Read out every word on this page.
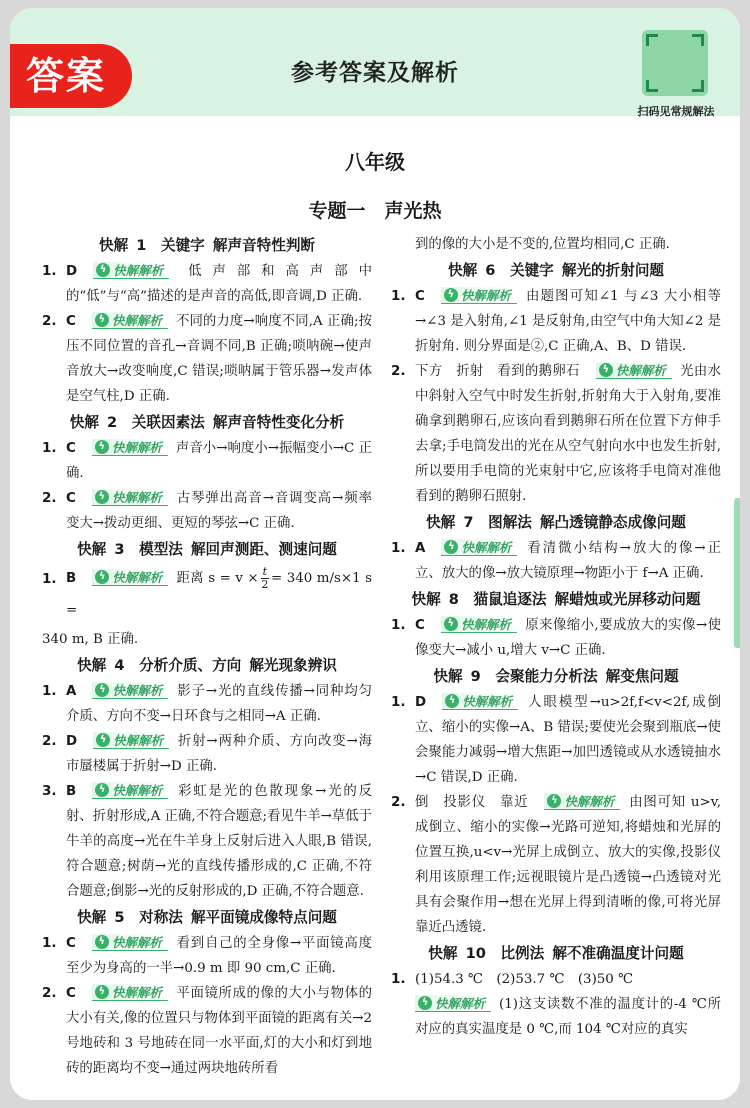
答案	参考答案及解析
扫码见常规解法
八年级
专题一　声光热
快解 1　关键字 解声音特性判断
1. D	ϟ 快解解析 低声部和高声部中的“低”与“高”描述的是声音的高低,即音调,D 正确.
2. C	ϟ 快解解析 不同的力度→响度不同,A 正确;按压不同位置的音孔→音调不同,B 正确;唢呐碗→使声音放大→改变响度,C 错误;唢呐属于管乐器→发声体是空气柱,D 正确.
快解 2　关联因素法 解声音特性变化分析
1. C	ϟ 快解解析 声音小→响度小→振幅变小→C 正确.
2. C	ϟ 快解解析 古琴弹出高音→音调变高→频率变大→拨动更细、更短的琴弦→C 正确.
快解 3　模型法 解回声测距、测速问题
1. B	ϟ 快解解析 距离 $s = v \times \frac{t}{2} = 340$ m/s×1 s =
340 m, B 正确.
快解 4　分析介质、方向 解光现象辨识
1. A	ϟ 快解解析 影子→光的直线传播→同种均匀介质、方向不变→日环食与之相同→A 正确.
2. D	ϟ 快解解析 折射→两种介质、方向改变→海市蜃楼属于折射→D 正确.
3. B	ϟ 快解解析 彩虹是光的色散现象→光的反射、折射形成,A 正确,不符合题意;看见牛羊→草低于牛羊的高度→光在牛羊身上反射后进入人眼,B 错误,符合题意;树荫→光的直线传播形成的,C 正确,不符合题意;倒影→光的反射形成的,D 正确,不符合题意.
快解 5　对称法 解平面镜成像特点问题
1. C	ϟ 快解解析 看到自己的全身像→平面镜高度至少为身高的一半→0.9 m 即 90 cm,C 正确.
2. C	ϟ 快解解析 平面镜所成的像的大小与物体的大小有关,像的位置只与物体到平面镜的距离有关→2 号地砖和 3 号地砖在同一水平面,灯的大小和灯到地砖的距离均不变→通过两块地砖所看
到的像的大小是不变的,位置均相同,C 正确.
快解 6　关键字 解光的折射问题
1. C	ϟ 快解解析 由题图可知∠1 与∠3 大小相等→∠3 是入射角,∠1 是反射角,由空气中角大知∠2 是折射角. 则分界面是②,C 正确,A、B、D 错误.
2. 下方　折射　看到的鹅卵石	ϟ 快解解析 光由水中斜射入空气中时发生折射,折射角大于入射角,要准确拿到鹅卵石,应该向看到鹅卵石所在位置下方伸手去拿;手电筒发出的光在从空气射向水中也发生折射,所以要用手电筒的光束射中它,应该将手电筒对准他看到的鹅卵石照射.
快解 7　图解法 解凸透镜静态成像问题
1. A	ϟ 快解解析 看清微小结构→放大的像→正立、放大的像→放大镜原理→物距小于 f→A 正确.
快解 8　猫鼠追逐法 解蜡烛或光屏移动问题
1. C	ϟ 快解解析 原来像缩小,要成放大的实像→使像变大→减小 u,增大 v→C 正确.
快解 9　会聚能力分析法 解变焦问题
1. D	ϟ 快解解析 人眼模型→u>2f,f<v<2f,成倒立、缩小的实像→A、B 错误;要使光会聚到瓶底→使会聚能力减弱→增大焦距→加凹透镜或从水透镜抽水→C 错误,D 正确.
2. 倒　投影仪　靠近	ϟ 快解解析 由图可知 u>v,成倒立、缩小的实像→光路可逆知,将蜡烛和光屏的位置互换,u<v→光屏上成倒立、放大的实像,投影仪利用该原理工作;远视眼镜片是凸透镜→凸透镜对光具有会聚作用→想在光屏上得到清晰的像,可将光屏靠近凸透镜.
快解 10　比例法 解不准确温度计问题
1. (1)54.3 ℃　(2)53.7 ℃　(3)50 ℃
ϟ 快解解析 (1)这支读数不准的温度计的-4 ℃所对应的真实温度是 0 ℃,而 104 ℃对应的真实
